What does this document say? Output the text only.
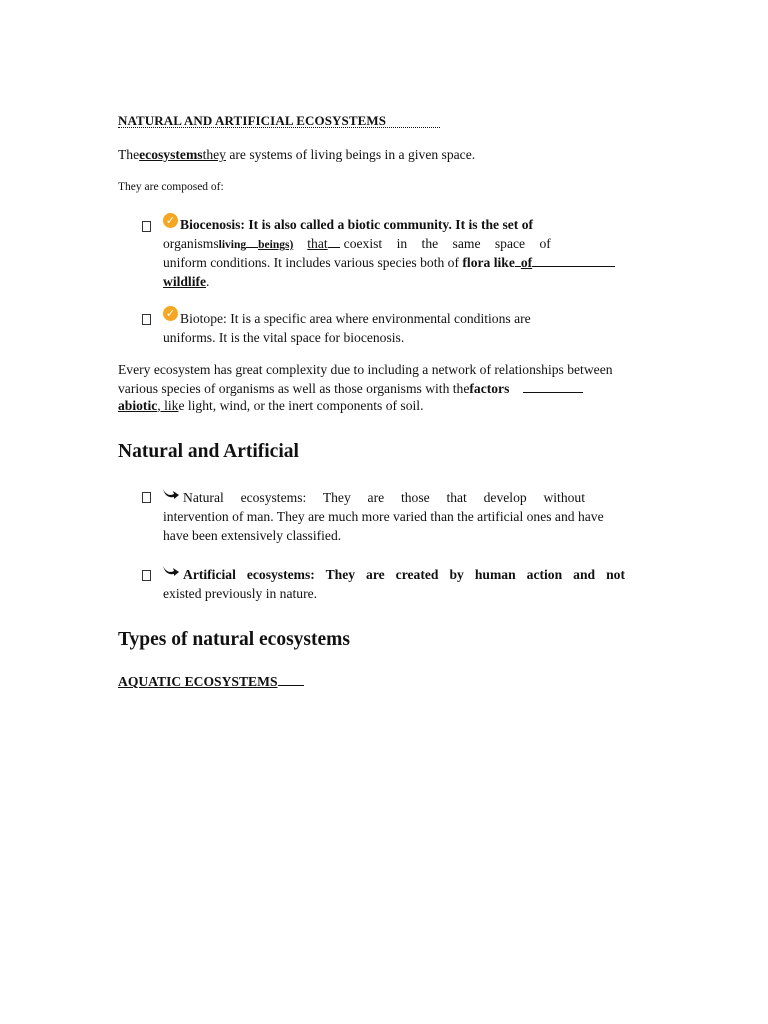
NATURAL AND ARTIFICIAL ECOSYSTEMS
Theecosystemsthey are systems of living beings in a given space.
They are composed of:
✓ Biocenosis: It is also called a biotic community. It is the set of
organismsliving beings) that coexist in the same space of
uniform conditions. It includes various species both of flora like of
wildlife.
✓ Biotope: It is a specific area where environmental conditions are
uniforms. It is the vital space for biocenosis.
Every ecosystem has great complexity due to including a network of relationships between
various species of organisms as well as those organisms with thefactors
abiotic, like light, wind, or the inert components of soil.
Natural and Artificial
Natural ecosystems: They are those that develop without
intervention of man. They are much more varied than the artificial ones and have
have been extensively classified.
Artificial ecosystems: They are created by human action and not
existed previously in nature.
Types of natural ecosystems
AQUATIC ECOSYSTEMS
